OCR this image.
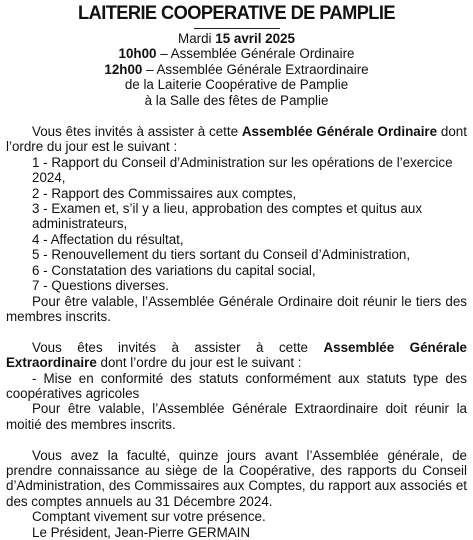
LAITERIE COOPERATIVE DE PAMPLIE

Mardi 15 avril 2025

10h00 – Assemblée Générale Ordinaire

12h00 – Assemblée Générale Extraordinaire

de la Laiterie Coopérative de Pamplie

à la Salle des fêtes de Pamplie

Vous êtes invités à assister à cette Assemblée Générale Ordinaire dont l’ordre du jour est le suivant :

1 - Rapport du Conseil d’Administration sur les opérations de l’exercice 2024,

2 - Rapport des Commissaires aux comptes,

3 - Examen et, s’il y a lieu, approbation des comptes et quitus aux administrateurs,

4 - Affectation du résultat,

5 - Renouvellement du tiers sortant du Conseil d’Administration,

6 - Constatation des variations du capital social,

7 - Questions diverses.

Pour être valable, l’Assemblée Générale Ordinaire doit réunir le tiers des membres inscrits.

Vous êtes invités à assister à cette Assemblée Générale Extraordinaire dont l’ordre du jour est le suivant :

- Mise en conformité des statuts conformément aux statuts type des coopératives agricoles

Pour être valable, l’Assemblée Générale Extraordinaire doit réunir la moitié des membres inscrits.

Vous avez la faculté, quinze jours avant l’Assemblée générale, de prendre connaissance au siège de la Coopérative, des rapports du Conseil d’Administration, des Commissaires aux Comptes, du rapport aux associés et des comptes annuels au 31 Décembre 2024.

Comptant vivement sur votre présence.

Le Président, Jean-Pierre GERMAIN
